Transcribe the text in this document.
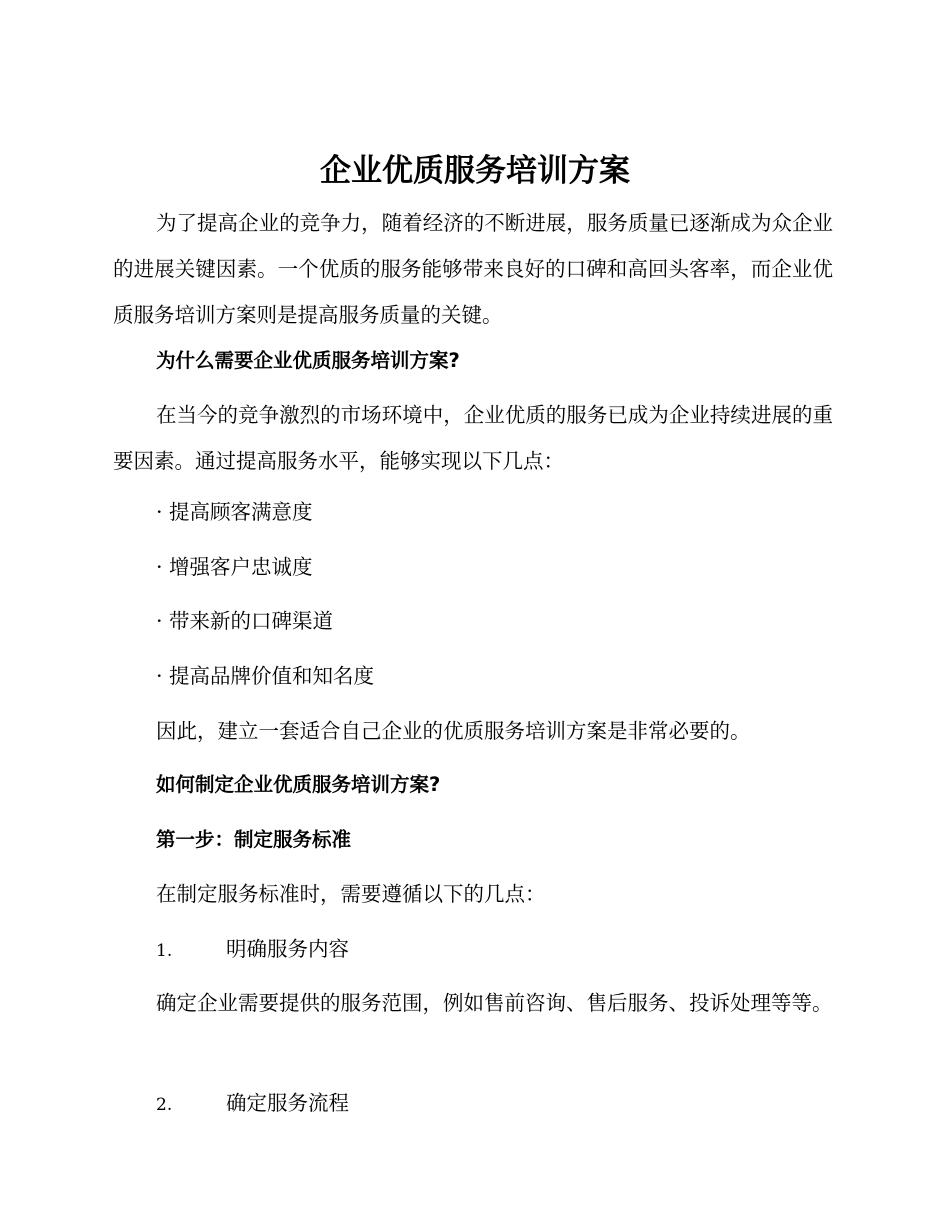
企业优质服务培训方案

为了提高企业的竞争力，随着经济的不断进展，服务质量已逐渐成为众企业的进展关键因素。一个优质的服务能够带来良好的口碑和高回头客率，而企业优质服务培训方案则是提高服务质量的关键。

为什么需要企业优质服务培训方案?

在当今的竞争激烈的市场环境中，企业优质的服务已成为企业持续进展的重要因素。通过提高服务水平，能够实现以下几点：

· 提高顾客满意度
· 增强客户忠诚度
· 带来新的口碑渠道
· 提高品牌价值和知名度
因此，建立一套适合自己企业的优质服务培训方案是非常必要的。
如何制定企业优质服务培训方案?
第一步：制定服务标准
在制定服务标准时，需要遵循以下的几点：
1.	明确服务内容

确定企业需要提供的服务范围，例如售前咨询、售后服务、投诉处理等等。

2.	确定服务流程
